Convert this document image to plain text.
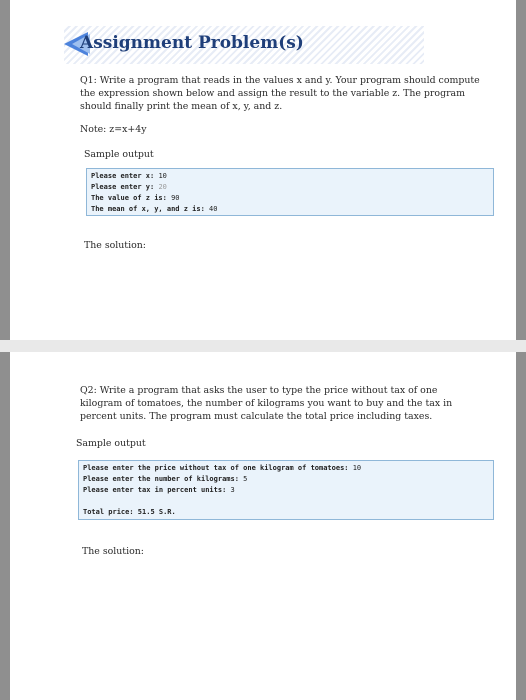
Assignment Problem(s)
Q1: Write a program that reads in the values x and y. Your program should compute the expression shown below and assign the result to the variable z. The program should finally print the mean of x, y, and z.
Note: z=x+4y
Sample output
Please enter x: 10
Please enter y: 20
The value of z is: 90
The mean of x, y, and z is: 40
The solution:
Q2: Write a program that asks the user to type the price without tax of one kilogram of tomatoes, the number of kilograms you want to buy and the tax in percent units. The program must calculate the total price including taxes.
Sample output
Please enter the price without tax of one kilogram of tomatoes: 10
Please enter the number of kilograms: 5
Please enter tax in percent units: 3
Total price: 51.5 S.R.
The solution:
